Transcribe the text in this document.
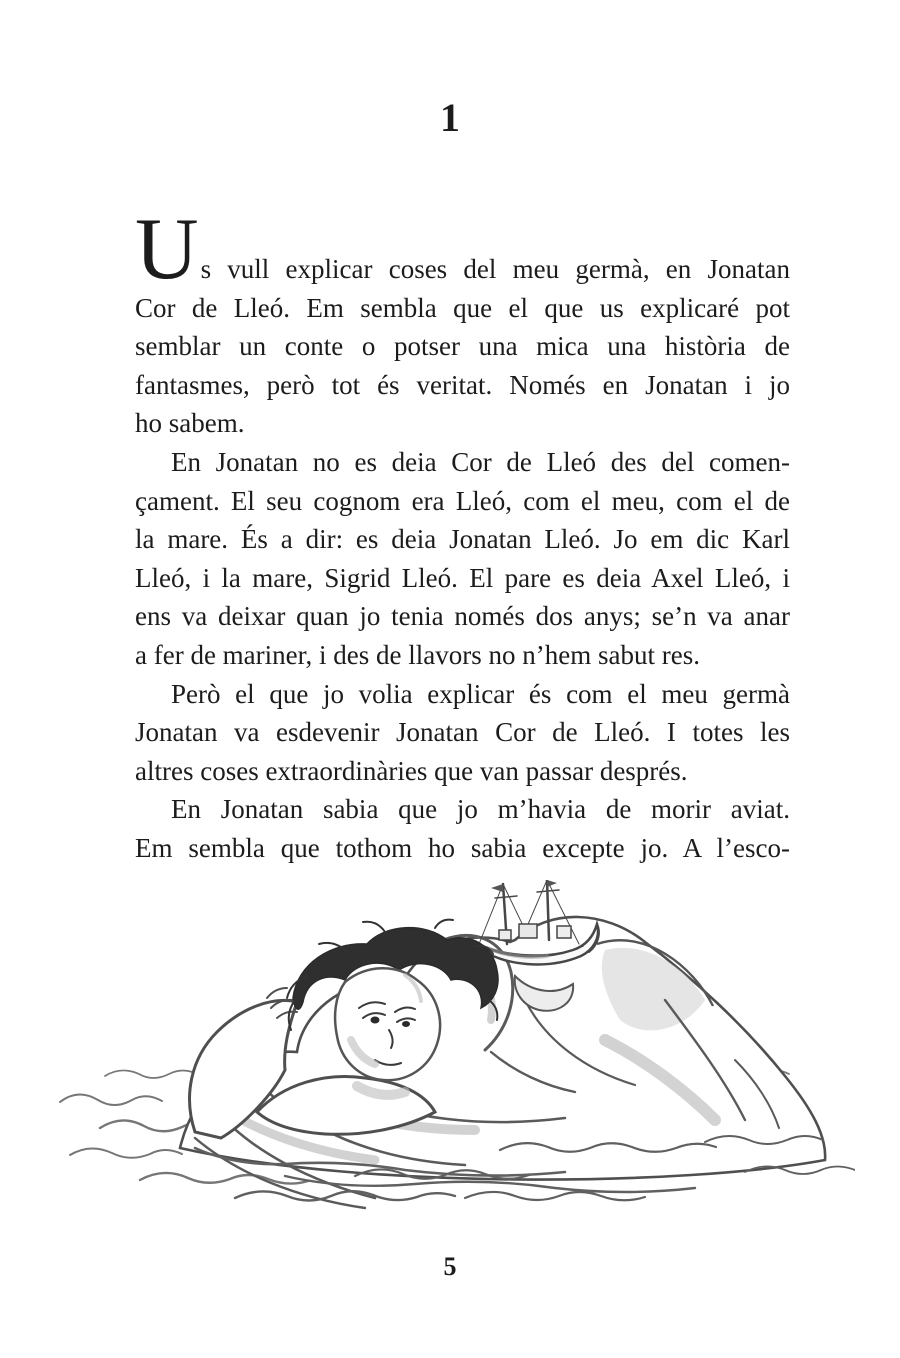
1

Us vull explicar coses del meu germà, en Jonatan
Cor de Lleó. Em sembla que el que us explicaré pot
semblar un conte o potser una mica una història de
fantasmes, però tot és veritat. Només en Jonatan i jo
ho sabem.

En Jonatan no es deia Cor de Lleó des del comen-
çament. El seu cognom era Lleó, com el meu, com el de
la mare. És a dir: es deia Jonatan Lleó. Jo em dic Karl
Lleó, i la mare, Sigrid Lleó. El pare es deia Axel Lleó, i
ens va deixar quan jo tenia només dos anys; se’n va anar
a fer de mariner, i des de llavors no n’hem sabut res.

Però el que jo volia explicar és com el meu germà
Jonatan va esdevenir Jonatan Cor de Lleó. I totes les
altres coses extraordinàries que van passar després.

En Jonatan sabia que jo m’havia de morir aviat.
Em sembla que tothom ho sabia excepte jo. A l’esco-

5
